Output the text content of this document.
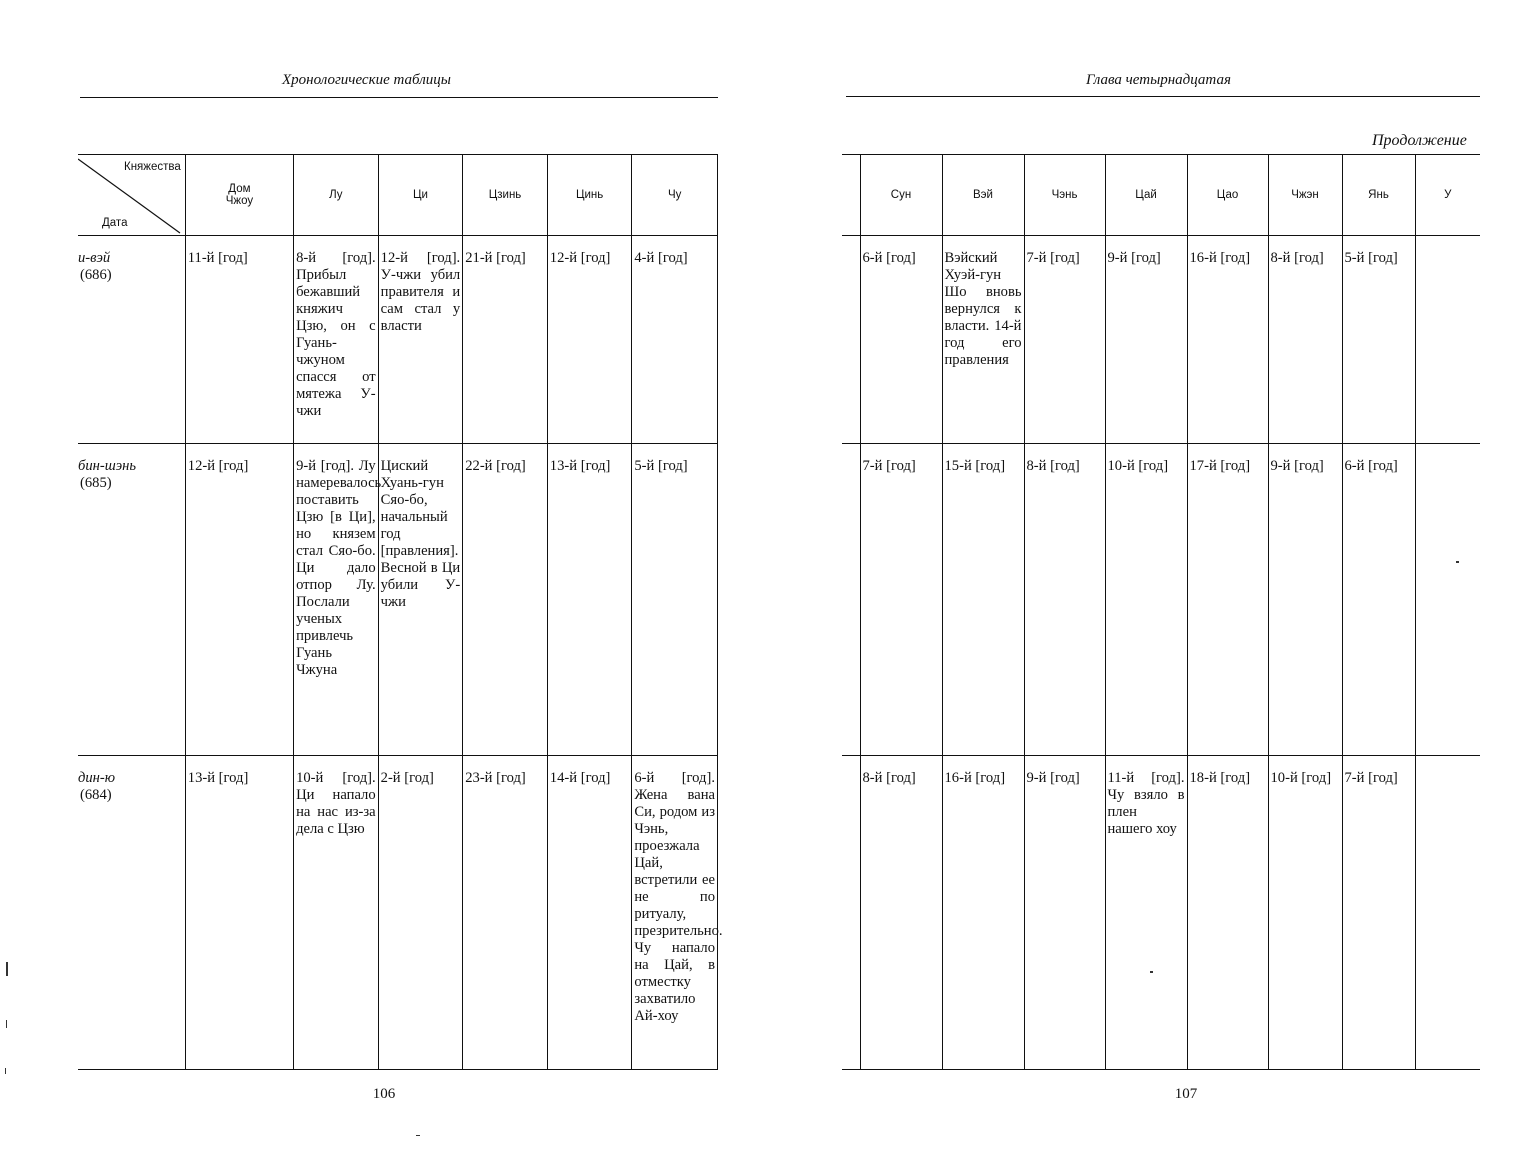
Хронологические таблицы
Княжества
Дата	Дом Чжоу	Лу	Ци	Цзинь	Цинь	Чу

и-вэй
(686)	11-й [год]	8-й [год]. Прибыл бежавший княжич Цзю, он с Гуань-чжуном спасся от мятежа У-чжи	12-й [год]. У-чжи убил правителя и сам стал у власти	21-й [год]	12-й [год]	4-й [год]

бин-шэнь
(685)	12-й [год]	9-й [год]. Лу намеревалось поставить Цзю [в Ци], но князем стал Сяо-бо. Ци дало отпор Лу. Послали ученых привлечь Гуань Чжуна	Циский Хуань-гун Сяо-бо, начальный год [правления]. Весной в Ци убили У-чжи	22-й [год]	13-й [год]	5-й [год]

дин-ю
(684)	13-й [год]	10-й [год]. Ци напало на нас из-за дела с Цзю	2-й [год]	23-й [год]	14-й [год]	6-й [год]. Жена вана Си, родом из Чэнь, проезжала Цай, встретили ее не по ритуалу, презрительно. Чу напало на Цай, в отместку захватило Ай-хоу
106
Глава четырнадцатая
Продолжение
	Сун	Вэй	Чэнь	Цай	Цао	Чжэн	Янь	У
	6-й [год]	Вэйский Хуэй-гун Шо вновь вернулся к власти. 14-й год его правления	7-й [год]	9-й [год]	16-й [год]	8-й [год]	5-й [год]	
	7-й [год]	15-й [год]	8-й [год]	10-й [год]	17-й [год]	9-й [год]	6-й [год]	
	8-й [год]	16-й [год]	9-й [год]	11-й [год]. Чу взяло в плен нашего хоу	18-й [год]	10-й [год]	7-й [год]	
107
